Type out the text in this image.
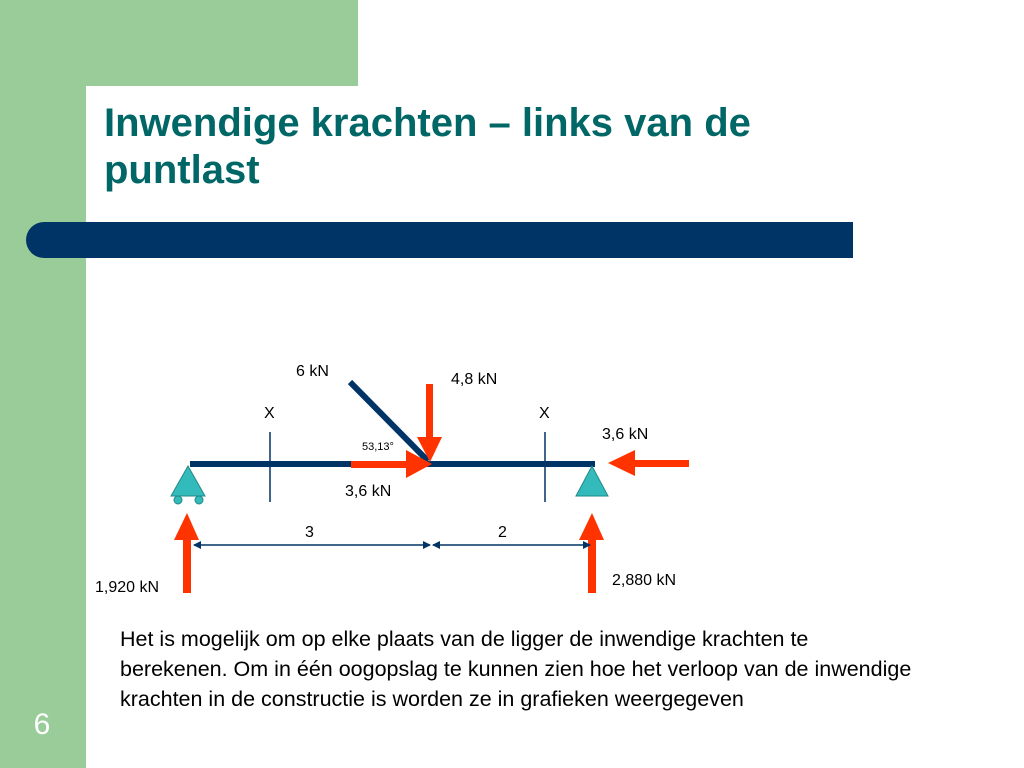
Inwendige krachten – links van de puntlast
6 kN	4,8 kN
X	X
53,13°
3,6 kN
3,6 kN
3	2
1,920 kN	2,880 kN
Het is mogelijk om op elke plaats van de ligger de inwendige krachten te berekenen. Om in één oogopslag te kunnen zien hoe het verloop van de inwendige krachten in de constructie is worden ze in grafieken weergegeven
6
